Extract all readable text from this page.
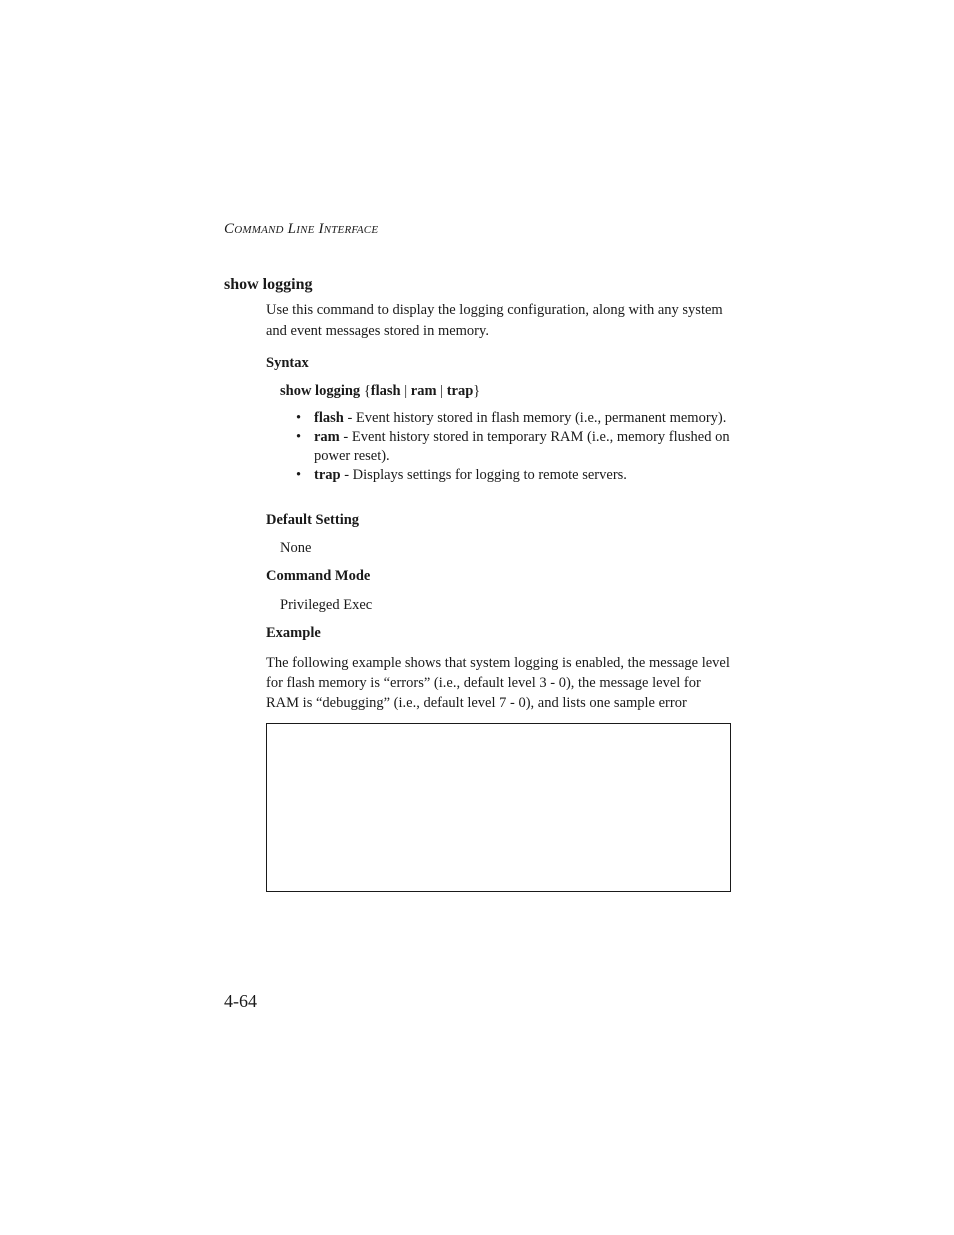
COMMAND LINE INTERFACE
show logging
Use this command to display the logging configuration, along with any system and event messages stored in memory.
Syntax
show logging {flash | ram | trap}
• flash - Event history stored in flash memory (i.e., permanent memory).
• ram - Event history stored in temporary RAM (i.e., memory flushed on power reset).
• trap - Displays settings for logging to remote servers.
Default Setting
None
Command Mode
Privileged Exec
Example
The following example shows that system logging is enabled, the message level for flash memory is “errors” (i.e., default level 3 - 0), the message level for RAM is “debugging” (i.e., default level 7 - 0), and lists one sample error
4-64
